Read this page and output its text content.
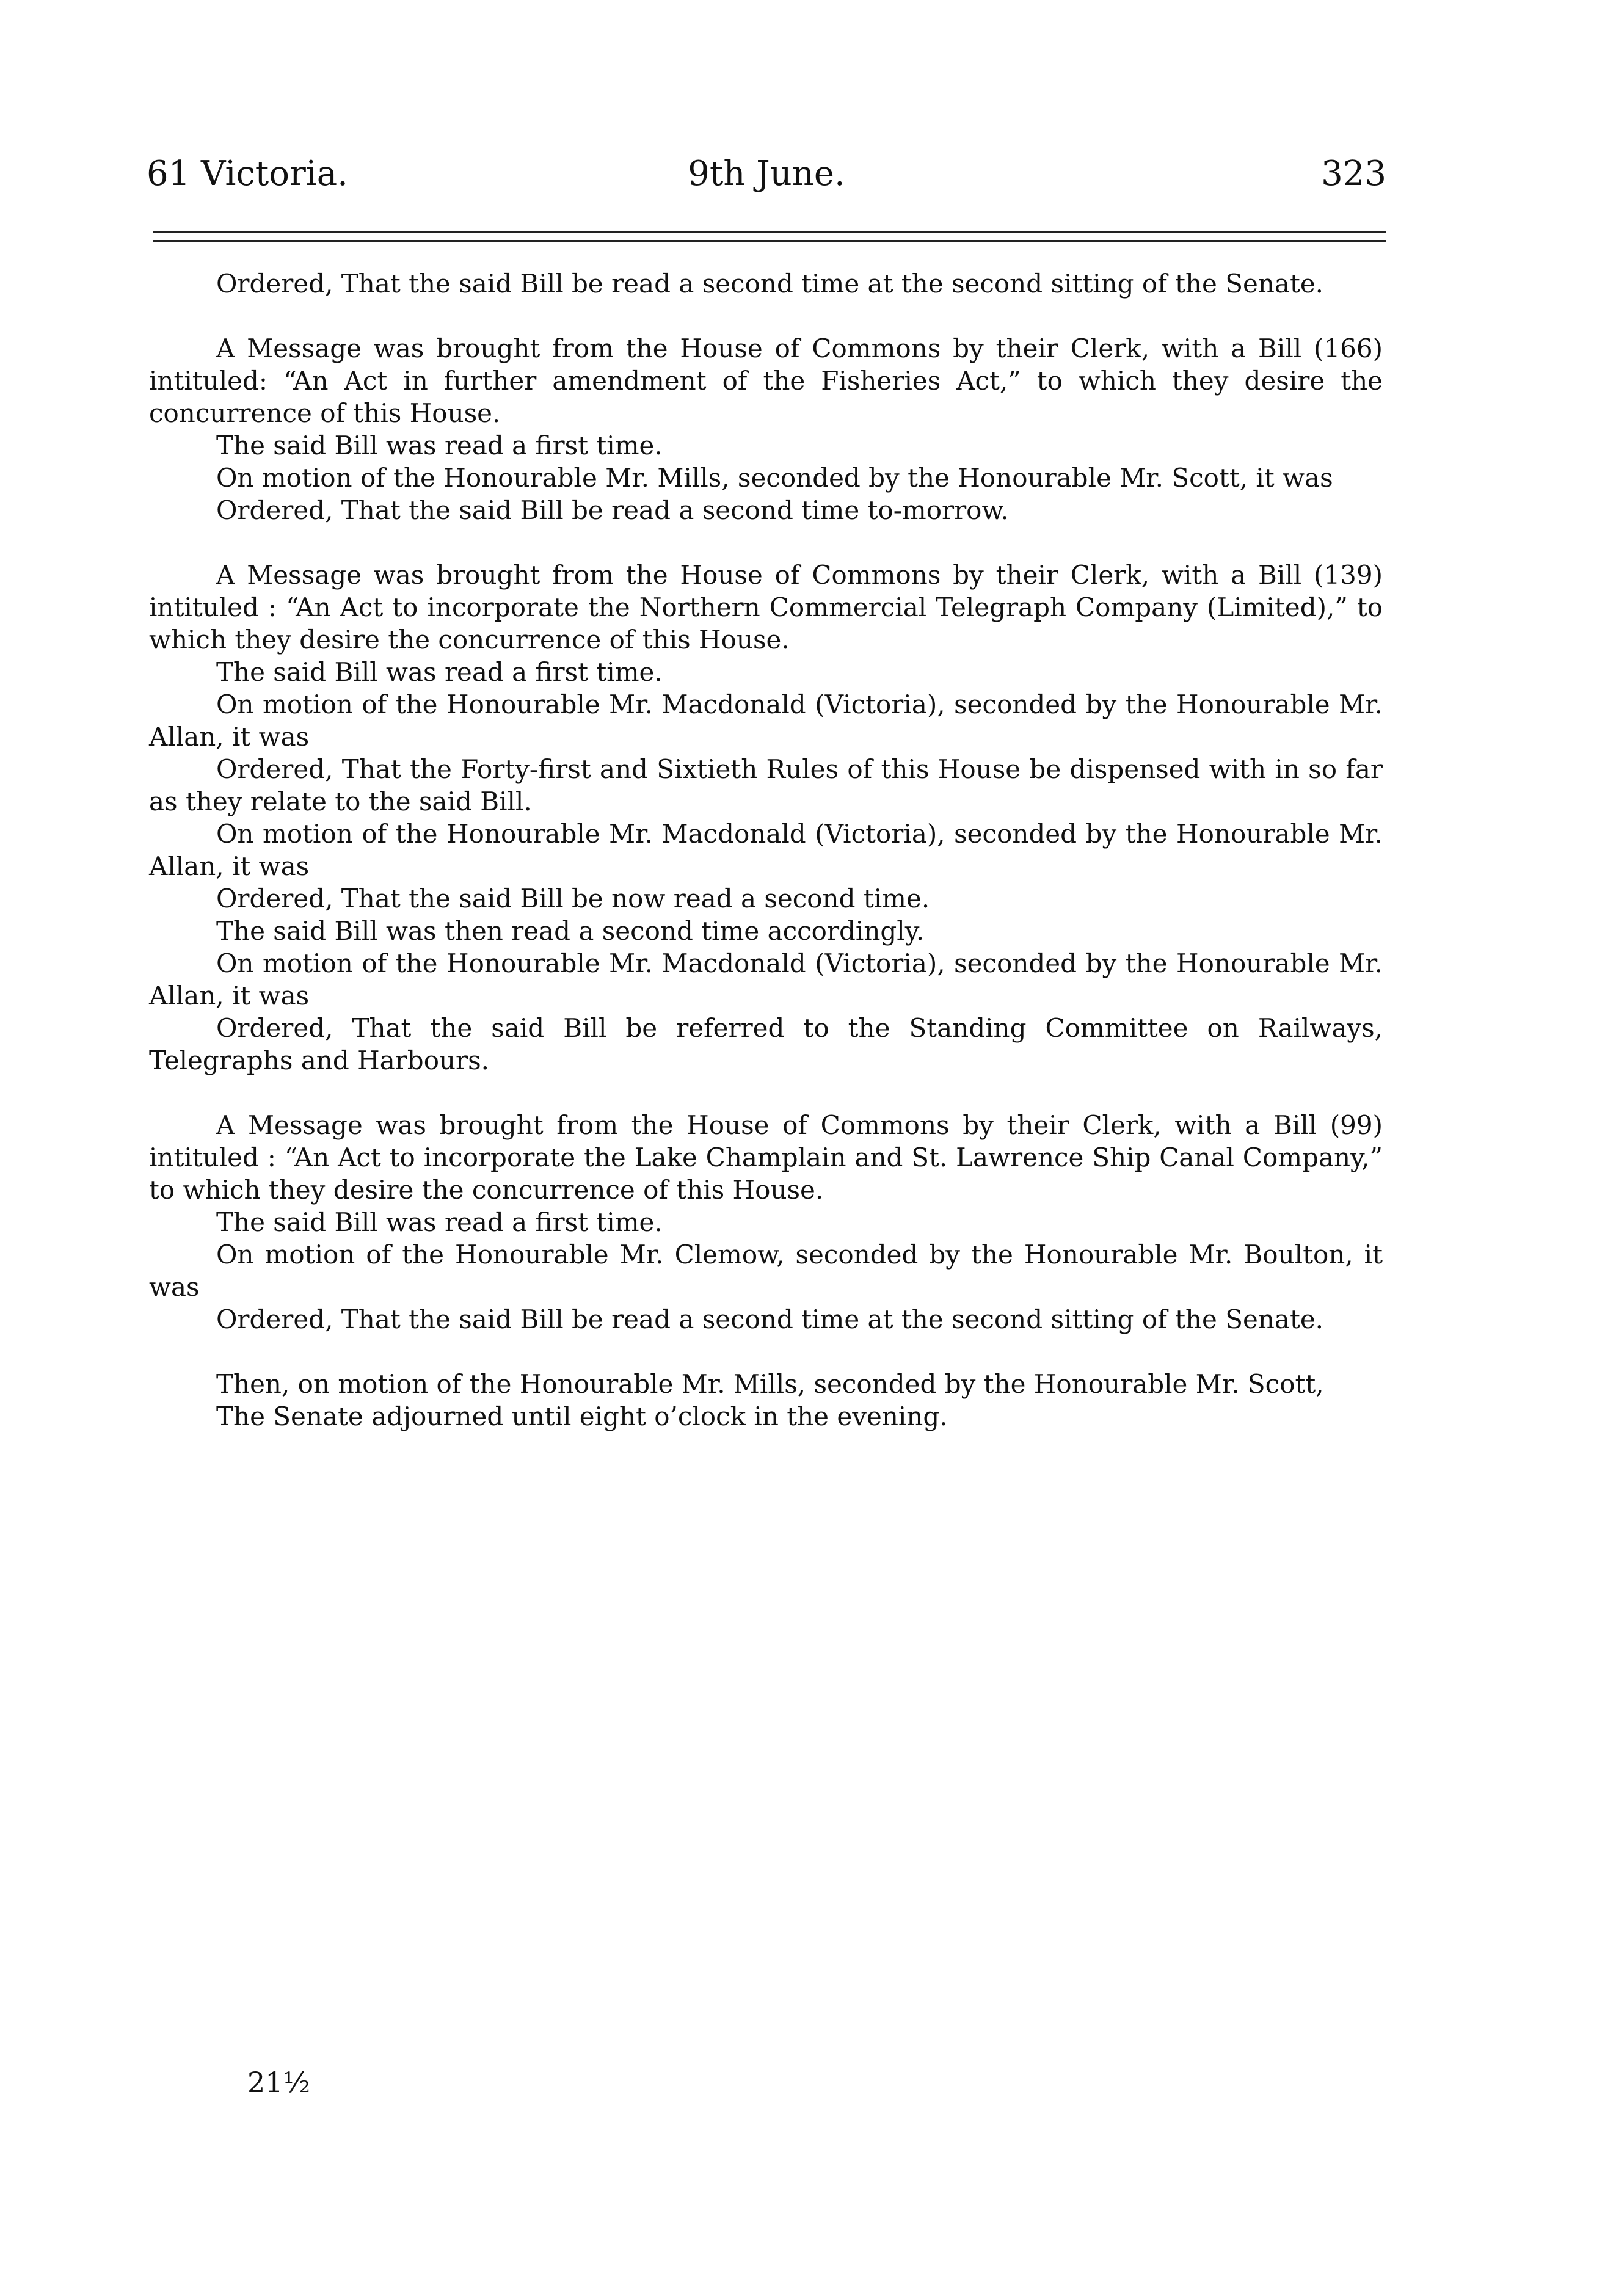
61 Victoria.	9th June.	323

Ordered, That the said Bill be read a second time at the second sitting of the Senate.

A Message was brought from the House of Commons by their Clerk, with a Bill (166) intituled: “An Act in further amendment of the Fisheries Act,” to which they desire the concurrence of this House.

The said Bill was read a first time.

On motion of the Honourable Mr. Mills, seconded by the Honourable Mr. Scott, it was

Ordered, That the said Bill be read a second time to-morrow.

A Message was brought from the House of Commons by their Clerk, with a Bill (139) intituled : “An Act to incorporate the Northern Commercial Telegraph Company (Limited),” to which they desire the concurrence of this House.

The said Bill was read a first time.

On motion of the Honourable Mr. Macdonald (Victoria), seconded by the Honourable Mr. Allan, it was

Ordered, That the Forty-first and Sixtieth Rules of this House be dispensed with in so far as they relate to the said Bill.

On motion of the Honourable Mr. Macdonald (Victoria), seconded by the Honourable Mr. Allan, it was

Ordered, That the said Bill be now read a second time.

The said Bill was then read a second time accordingly.

On motion of the Honourable Mr. Macdonald (Victoria), seconded by the Honourable Mr. Allan, it was

Ordered, That the said Bill be referred to the Standing Committee on Railways, Telegraphs and Harbours.

A Message was brought from the House of Commons by their Clerk, with a Bill (99) intituled : “An Act to incorporate the Lake Champlain and St. Lawrence Ship Canal Company,” to which they desire the concurrence of this House.

The said Bill was read a first time.

On motion of the Honourable Mr. Clemow, seconded by the Honourable Mr. Boulton, it was

Ordered, That the said Bill be read a second time at the second sitting of the Senate.

Then, on motion of the Honourable Mr. Mills, seconded by the Honourable Mr. Scott,

The Senate adjourned until eight o’clock in the evening.

21½
